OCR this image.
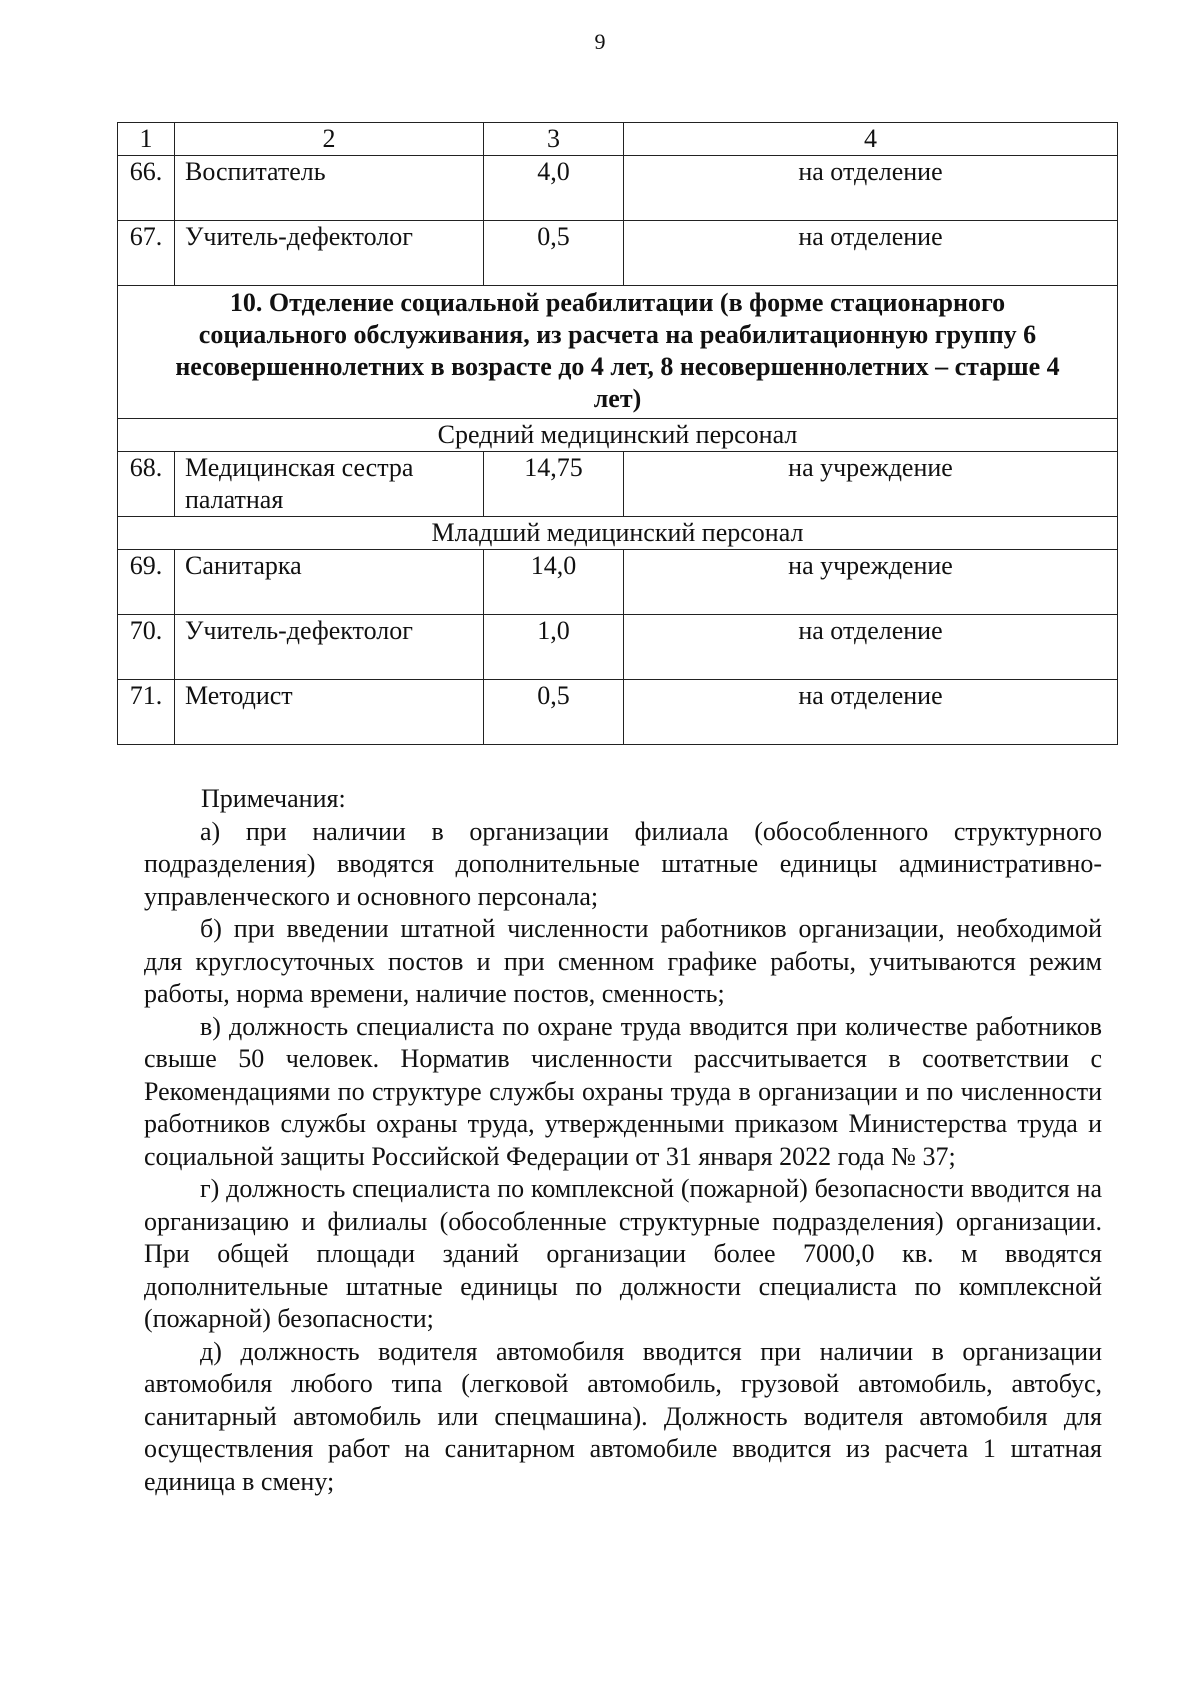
9
1	2	3	4
66.	Воспитатель	4,0	на отделение
67.	Учитель-дефектолог	0,5	на отделение
10. Отделение социальной реабилитации (в форме стационарного социального обслуживания, из расчета на реабилитационную группу 6 несовершеннолетних в возрасте до 4 лет, 8 несовершеннолетних – старше 4 лет)			
Средний медицинский персонал			
68.	Медицинская сестра палатная	14,75	на учреждение
Младший медицинский персонал			
69.	Санитарка	14,0	на учреждение
70.	Учитель-дефектолог	1,0	на отделение
71.	Методист	0,5	на отделение

Примечания:

а) при наличии в организации филиала (обособленного структурного подразделения) вводятся дополнительные штатные единицы административно-управленческого и основного персонала;

б) при введении штатной численности работников организации, необходимой для круглосуточных постов и при сменном графике работы, учитываются режим работы, норма времени, наличие постов, сменность;

в) должность специалиста по охране труда вводится при количестве работников свыше 50 человек. Норматив численности рассчитывается в соответствии с Рекомендациями по структуре службы охраны труда в организации и по численности работников службы охраны труда, утвержденными приказом Министерства труда и социальной защиты Российской Федерации от 31 января 2022 года № 37;

г) должность специалиста по комплексной (пожарной) безопасности вводится на организацию и филиалы (обособленные структурные подразделения) организации. При общей площади зданий организации более 7000,0 кв. м вводятся дополнительные штатные единицы по должности специалиста по комплексной (пожарной) безопасности;

д) должность водителя автомобиля вводится при наличии в организации автомобиля любого типа (легковой автомобиль, грузовой автомобиль, автобус, санитарный автомобиль или спецмашина). Должность водителя автомобиля для осуществления работ на санитарном автомобиле вводится из расчета 1 штатная единица в смену;
